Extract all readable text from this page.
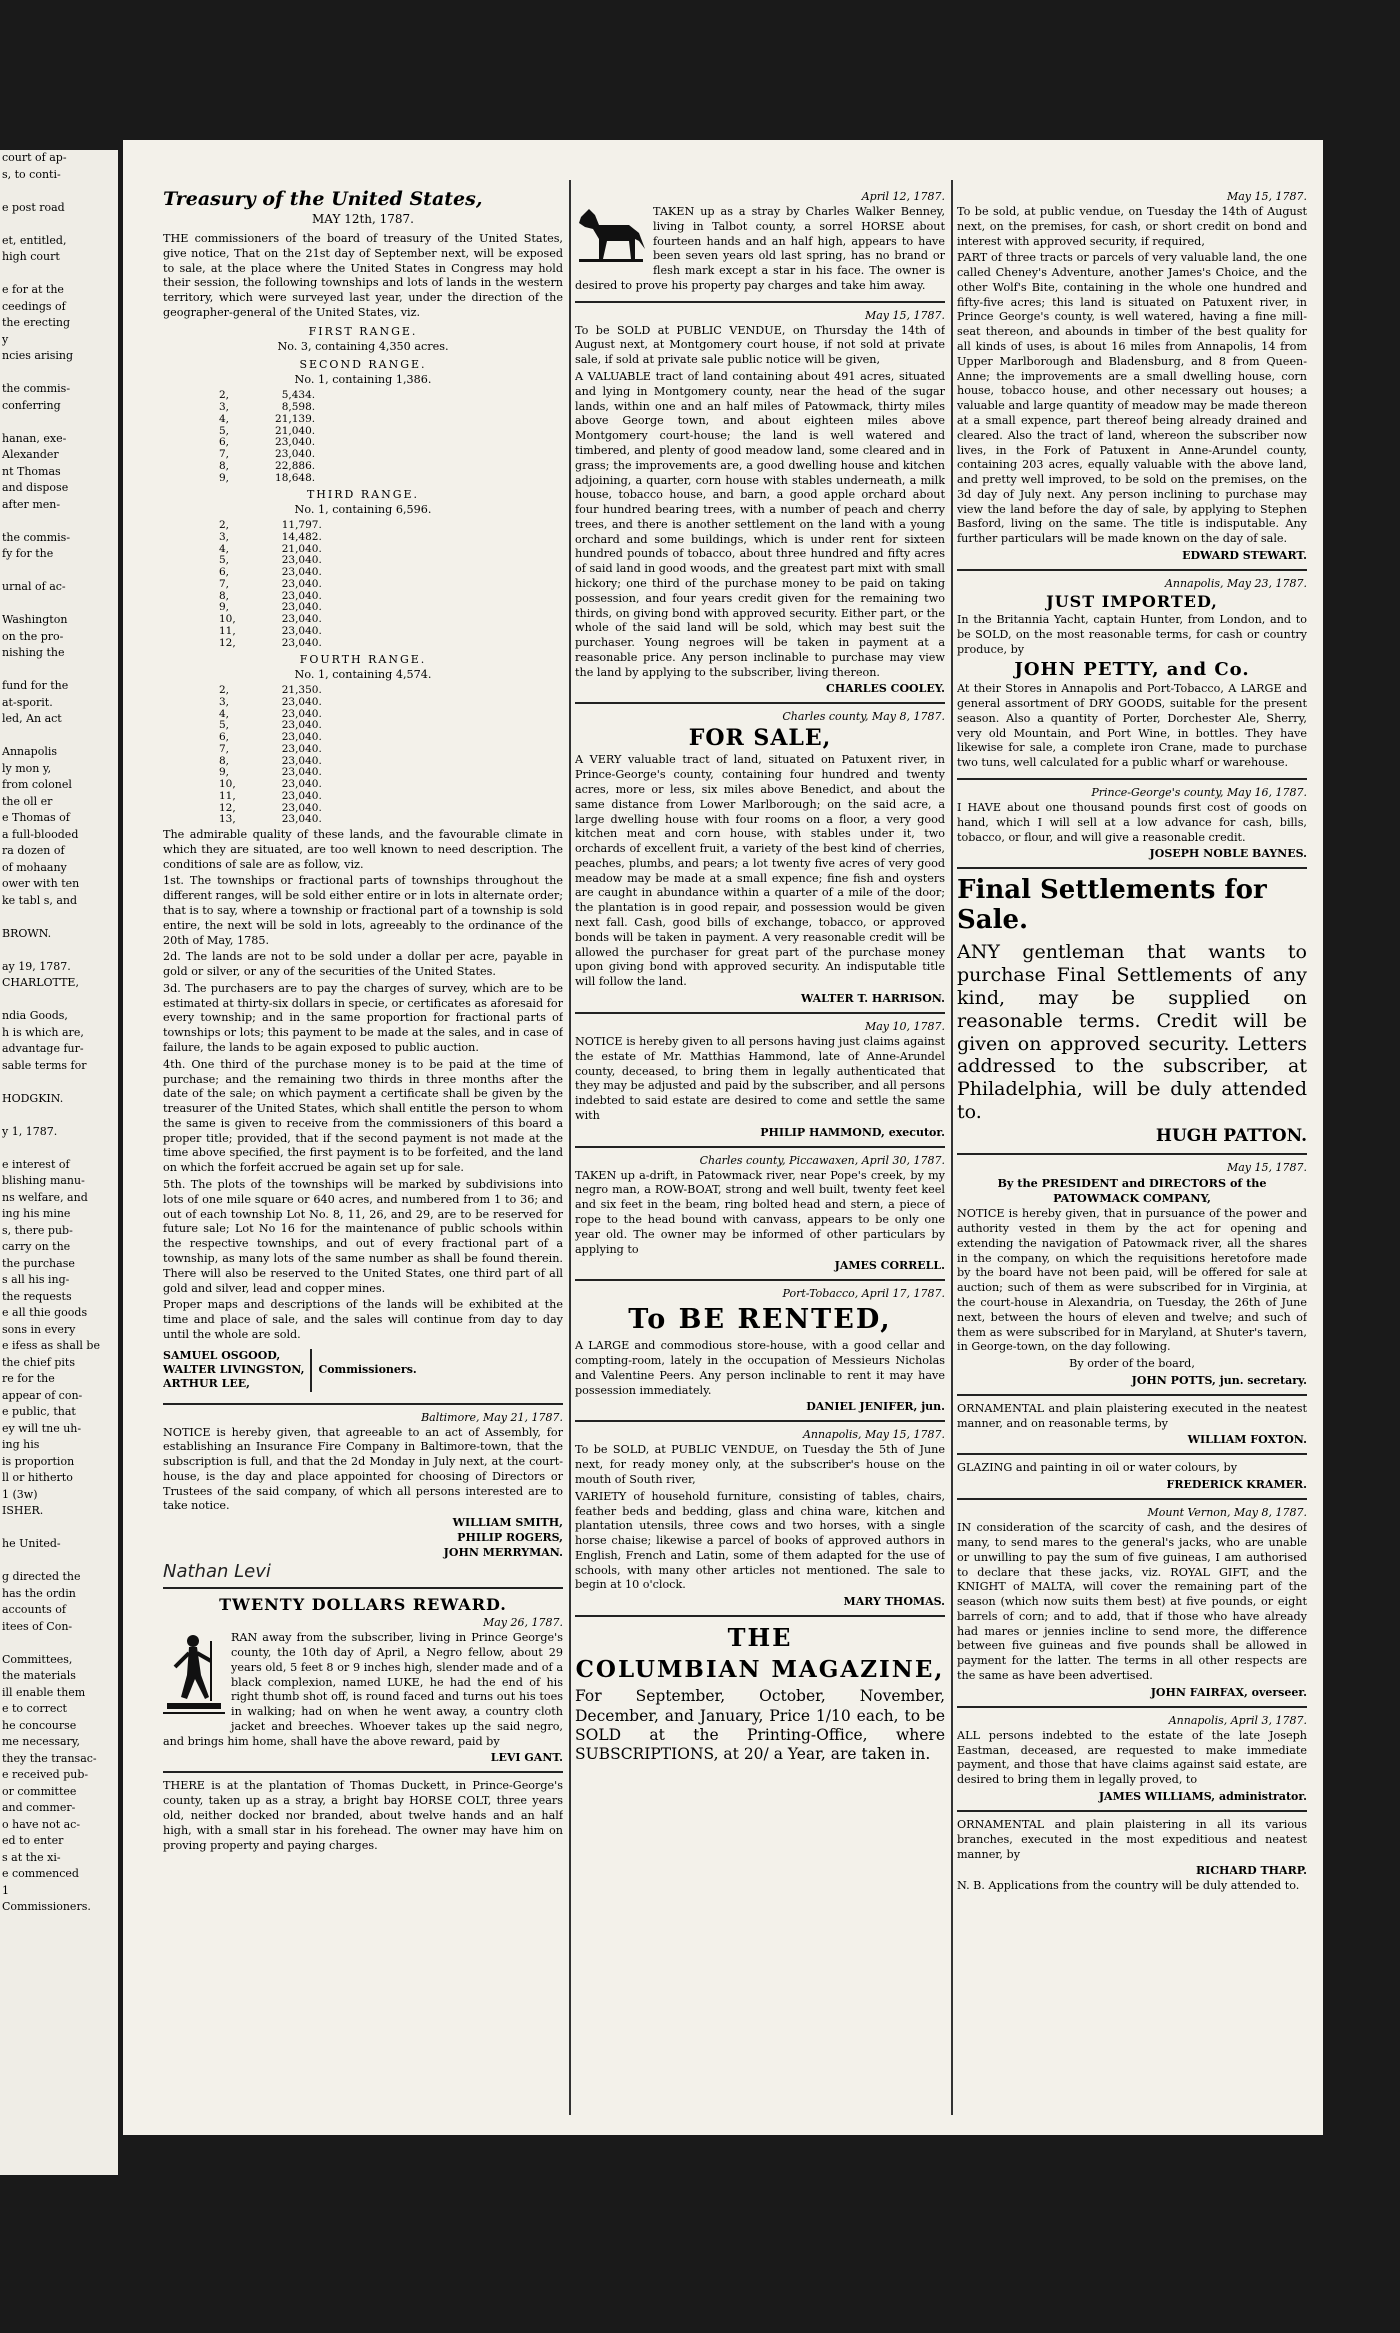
court of ap-
s, to conti-

e post road

et, entitled,
high court

e for at the
ceedings of
the erecting
y
ncies arising

the commis-
conferring

hanan, exe-
Alexander
nt Thomas
and dispose
after men-

the commis-
fy for the

urnal of ac-

Washington
on the pro-
nishing the

fund for the
at-sporit.
led, An act

Annapolis
ly mon y,
from colonel
the oll er
e Thomas of
a full-blooded
ra dozen of
of mohaany
ower with ten
ke tabl s, and

BROWN.

ay 19, 1787.
CHARLOTTE,

ndia Goods,
h is which are,
advantage fur-
sable terms for

HODGKIN.

y 1, 1787.

e interest of
blishing manu-
ns welfare, and
ing his mine
s, there pub-
carry on the
the purchase
s all his ing-
the requests
e all thie goods
sons in every
e ifess as shall be
the chief pits
re for the
appear of con-
e public, that
ey will tne uh-
ing his
is proportion
ll or hitherto
1 (3w)
ISHER.

he United-

g directed the
has the ordin
accounts of
itees of Con-

Committees,
the materials
ill enable them
e to correct
he concourse
me necessary,
they the transac-
e received pub-
or committee
and commer-
o have not ac-
ed to enter
s at the xi-
e commenced
1
Commissioners.

Treasury of the United States,

MAY 12th, 1787.

THE commissioners of the board of treasury of the United States, give notice, That on the 21st day of September next, will be exposed to sale, at the place where the United States in Congress may hold their session, the following townships and lots of lands in the western territory, which were surveyed last year, under the direction of the geographer-general of the United States, viz.

FIRST RANGE.

No. 3, containing 4,350 acres.

SECOND RANGE.

No. 1, containing 1,386.

2,	5,434.
3,	8,598.
4,	21,139.
5,	21,040.
6,	23,040.
7,	23,040.
8,	22,886.
9,	18,648.

THIRD RANGE.

No. 1, containing 6,596.

2,	11,797.
3,	14,482.
4,	21,040.
5,	23,040.
6,	23,040.
7,	23,040.
8,	23,040.
9,	23,040.
10,	23,040.
11,	23,040.
12,	23,040.

FOURTH RANGE.

No. 1, containing 4,574.

2,	21,350.
3,	23,040.
4,	23,040.
5,	23,040.
6,	23,040.
7,	23,040.
8,	23,040.
9,	23,040.
10,	23,040.
11,	23,040.
12,	23,040.
13,	23,040.

The admirable quality of these lands, and the favourable climate in which they are situated, are too well known to need description. The conditions of sale are as follow, viz.

1st. The townships or fractional parts of townships throughout the different ranges, will be sold either entire or in lots in alternate order; that is to say, where a township or fractional part of a township is sold entire, the next will be sold in lots, agreeably to the ordinance of the 20th of May, 1785.

2d. The lands are not to be sold under a dollar per acre, payable in gold or silver, or any of the securities of the United States.

3d. The purchasers are to pay the charges of survey, which are to be estimated at thirty-six dollars in specie, or certificates as aforesaid for every township; and in the same proportion for fractional parts of townships or lots; this payment to be made at the sales, and in case of failure, the lands to be again exposed to public auction.

4th. One third of the purchase money is to be paid at the time of purchase; and the remaining two thirds in three months after the date of the sale; on which payment a certificate shall be given by the treasurer of the United States, which shall entitle the person to whom the same is given to receive from the commissioners of this board a proper title; provided, that if the second payment is not made at the time above specified, the first payment is to be forfeited, and the land on which the forfeit accrued be again set up for sale.

5th. The plots of the townships will be marked by subdivisions into lots of one mile square or 640 acres, and numbered from 1 to 36; and out of each township Lot No. 8, 11, 26, and 29, are to be reserved for future sale; Lot No 16 for the maintenance of public schools within the respective townships, and out of every fractional part of a township, as many lots of the same number as shall be found therein. There will also be reserved to the United States, one third part of all gold and silver, lead and copper mines.

Proper maps and descriptions of the lands will be exhibited at the time and place of sale, and the sales will continue from day to day until the whole are sold.

SAMUEL OSGOOD,
WALTER LIVINGSTON,
ARTHUR LEE,
Commissioners.

Baltimore, May 21, 1787.

NOTICE is hereby given, that agreeable to an act of Assembly, for establishing an Insurance Fire Company in Baltimore-town, that the subscription is full, and that the 2d Monday in July next, at the court-house, is the day and place appointed for choosing of Directors or Trustees of the said company, of which all persons interested are to take notice.

WILLIAM SMITH,

PHILIP ROGERS,

JOHN MERRYMAN.

Nathan Levi

TWENTY DOLLARS REWARD.

May 26, 1787.

RAN away from the subscriber, living in Prince George's county, the 10th day of April, a Negro fellow, about 29 years old, 5 feet 8 or 9 inches high, slender made and of a black complexion, named LUKE, he had the end of his right thumb shot off, is round faced and turns out his toes in walking; had on when he went away, a country cloth jacket and breeches. Whoever takes up the said negro, and brings him home, shall have the above reward, paid by

LEVI GANT.

THERE is at the plantation of Thomas Duckett, in Prince-George's county, taken up as a stray, a bright bay HORSE COLT, three years old, neither docked nor branded, about twelve hands and an half high, with a small star in his forehead. The owner may have him on proving property and paying charges.

April 12, 1787.

TAKEN up as a stray by Charles Walker Benney, living in Talbot county, a sorrel HORSE about fourteen hands and an half high, appears to have been seven years old last spring, has no brand or flesh mark except a star in his face. The owner is desired to prove his property pay charges and take him away.

May 15, 1787.

To be SOLD at PUBLIC VENDUE, on Thursday the 14th of August next, at Montgomery court house, if not sold at private sale, if sold at private sale public notice will be given,

A VALUABLE tract of land containing about 491 acres, situated and lying in Montgomery county, near the head of the sugar lands, within one and an half miles of Patowmack, thirty miles above George town, and about eighteen miles above Montgomery court-house; the land is well watered and timbered, and plenty of good meadow land, some cleared and in grass; the improvements are, a good dwelling house and kitchen adjoining, a quarter, corn house with stables underneath, a milk house, tobacco house, and barn, a good apple orchard about four hundred bearing trees, with a number of peach and cherry trees, and there is another settlement on the land with a young orchard and some buildings, which is under rent for sixteen hundred pounds of tobacco, about three hundred and fifty acres of said land in good woods, and the greatest part mixt with small hickory; one third of the purchase money to be paid on taking possession, and four years credit given for the remaining two thirds, on giving bond with approved security. Either part, or the whole of the said land will be sold, which may best suit the purchaser. Young negroes will be taken in payment at a reasonable price. Any person inclinable to purchase may view the land by applying to the subscriber, living thereon.

CHARLES COOLEY.

Charles county, May 8, 1787.

FOR SALE,

A VERY valuable tract of land, situated on Patuxent river, in Prince-George's county, containing four hundred and twenty acres, more or less, six miles above Benedict, and about the same distance from Lower Marlborough; on the said acre, a large dwelling house with four rooms on a floor, a very good kitchen meat and corn house, with stables under it, two orchards of excellent fruit, a variety of the best kind of cherries, peaches, plumbs, and pears; a lot twenty five acres of very good meadow may be made at a small expence; fine fish and oysters are caught in abundance within a quarter of a mile of the door; the plantation is in good repair, and possession would be given next fall. Cash, good bills of exchange, tobacco, or approved bonds will be taken in payment. A very reasonable credit will be allowed the purchaser for great part of the purchase money upon giving bond with approved security. An indisputable title will follow the land.

WALTER T. HARRISON.

May 10, 1787.

NOTICE is hereby given to all persons having just claims against the estate of Mr. Matthias Hammond, late of Anne-Arundel county, deceased, to bring them in legally authenticated that they may be adjusted and paid by the subscriber, and all persons indebted to said estate are desired to come and settle the same with

PHILIP HAMMOND, executor.

Charles county, Piccawaxen, April 30, 1787.

TAKEN up a-drift, in Patowmack river, near Pope's creek, by my negro man, a ROW-BOAT, strong and well built, twenty feet keel and six feet in the beam, ring bolted head and stern, a piece of rope to the head bound with canvass, appears to be only one year old. The owner may be informed of other particulars by applying to

JAMES CORRELL.

Port-Tobacco, April 17, 1787.

To BE RENTED,

A LARGE and commodious store-house, with a good cellar and compting-room, lately in the occupation of Messieurs Nicholas and Valentine Peers. Any person inclinable to rent it may have possession immediately.

DANIEL JENIFER, jun.

Annapolis, May 15, 1787.

To be SOLD, at PUBLIC VENDUE, on Tuesday the 5th of June next, for ready money only, at the subscriber's house on the mouth of South river,

VARIETY of household furniture, consisting of tables, chairs, feather beds and bedding, glass and china ware, kitchen and plantation utensils, three cows and two horses, with a single horse chaise; likewise a parcel of books of approved authors in English, French and Latin, some of them adapted for the use of schools, with many other articles not mentioned. The sale to begin at 10 o'clock.

MARY THOMAS.

THE

COLUMBIAN MAGAZINE,

For September, October, November, December, and January, Price 1/10 each, to be SOLD at the Printing-Office, where SUBSCRIPTIONS, at 20/ a Year, are taken in.

May 15, 1787.

To be sold, at public vendue, on Tuesday the 14th of August next, on the premises, for cash, or short credit on bond and interest with approved security, if required,

PART of three tracts or parcels of very valuable land, the one called Cheney's Adventure, another James's Choice, and the other Wolf's Bite, containing in the whole one hundred and fifty-five acres; this land is situated on Patuxent river, in Prince George's county, is well watered, having a fine mill-seat thereon, and abounds in timber of the best quality for all kinds of uses, is about 16 miles from Annapolis, 14 from Upper Marlborough and Bladensburg, and 8 from Queen-Anne; the improvements are a small dwelling house, corn house, tobacco house, and other necessary out houses; a valuable and large quantity of meadow may be made thereon at a small expence, part thereof being already drained and cleared. Also the tract of land, whereon the subscriber now lives, in the Fork of Patuxent in Anne-Arundel county, containing 203 acres, equally valuable with the above land, and pretty well improved, to be sold on the premises, on the 3d day of July next. Any person inclining to purchase may view the land before the day of sale, by applying to Stephen Basford, living on the same. The title is indisputable. Any further particulars will be made known on the day of sale.

EDWARD STEWART.

Annapolis, May 23, 1787.

JUST IMPORTED,

In the Britannia Yacht, captain Hunter, from London, and to be SOLD, on the most reasonable terms, for cash or country produce, by

JOHN PETTY, and Co.

At their Stores in Annapolis and Port-Tobacco, A LARGE and general assortment of DRY GOODS, suitable for the present season. Also a quantity of Porter, Dorchester Ale, Sherry, very old Mountain, and Port Wine, in bottles. They have likewise for sale, a complete iron Crane, made to purchase two tuns, well calculated for a public wharf or warehouse.

Prince-George's county, May 16, 1787.

I HAVE about one thousand pounds first cost of goods on hand, which I will sell at a low advance for cash, bills, tobacco, or flour, and will give a reasonable credit.

JOSEPH NOBLE BAYNES.

Final Settlements for Sale.

ANY gentleman that wants to purchase Final Settlements of any kind, may be supplied on reasonable terms. Credit will be given on approved security. Letters addressed to the subscriber, at Philadelphia, will be duly attended to.

HUGH PATTON.

May 15, 1787.

By the PRESIDENT and DIRECTORS of the PATOWMACK COMPANY,

NOTICE is hereby given, that in pursuance of the power and authority vested in them by the act for opening and extending the navigation of Patowmack river, all the shares in the company, on which the requisitions heretofore made by the board have not been paid, will be offered for sale at auction; such of them as were subscribed for in Virginia, at the court-house in Alexandria, on Tuesday, the 26th of June next, between the hours of eleven and twelve; and such of them as were subscribed for in Maryland, at Shuter's tavern, in George-town, on the day following.

By order of the board,

JOHN POTTS, jun. secretary.

ORNAMENTAL and plain plaistering executed in the neatest manner, and on reasonable terms, by

WILLIAM FOXTON.

GLAZING and painting in oil or water colours, by

FREDERICK KRAMER.

Mount Vernon, May 8, 1787.

IN consideration of the scarcity of cash, and the desires of many, to send mares to the general's jacks, who are unable or unwilling to pay the sum of five guineas, I am authorised to declare that these jacks, viz. ROYAL GIFT, and the KNIGHT of MALTA, will cover the remaining part of the season (which now suits them best) at five pounds, or eight barrels of corn; and to add, that if those who have already had mares or jennies incline to send more, the difference between five guineas and five pounds shall be allowed in payment for the latter. The terms in all other respects are the same as have been advertised.

JOHN FAIRFAX, overseer.

Annapolis, April 3, 1787.

ALL persons indebted to the estate of the late Joseph Eastman, deceased, are requested to make immediate payment, and those that have claims against said estate, are desired to bring them in legally proved, to

JAMES WILLIAMS, administrator.

ORNAMENTAL and plain plaistering in all its various branches, executed in the most expeditious and neatest manner, by

RICHARD THARP.

N. B. Applications from the country will be duly attended to.
